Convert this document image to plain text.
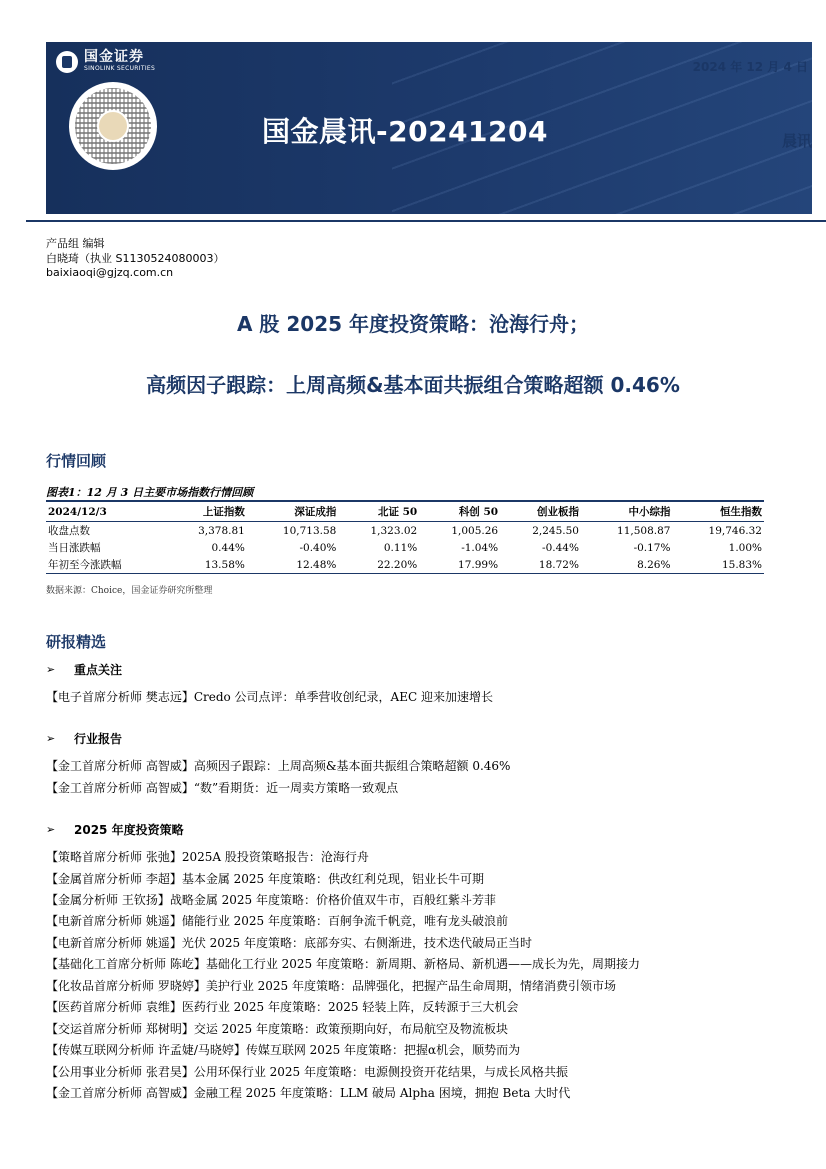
国金证券
SINOLINK SECURITIES
国金晨讯-20241204
2024 年 12 月 4 日
晨讯
产品组 编辑
白晓琦（执业 S1130524080003）
baixiaoqi@gjzq.com.cn
A 股 2025 年度投资策略：沧海行舟；
高频因子跟踪：上周高频&基本面共振组合策略超额 0.46%
行情回顾
图表1：12 月 3 日主要市场指数行情回顾
2024/12/3	上证指数	深证成指	北证 50	科创 50	创业板指	中小综指	恒生指数
收盘点数	3,378.81	10,713.58	1,323.02	1,005.26	2,245.50	11,508.87	19,746.32
当日涨跌幅	0.44%	-0.40%	0.11%	-1.04%	-0.44%	-0.17%	1.00%
年初至今涨跌幅	13.58%	12.48%	22.20%	17.99%	18.72%	8.26%	15.83%
数据来源：Choice，国金证券研究所整理
研报精选
➢	重点关注
【电子首席分析师 樊志远】Credo 公司点评：单季营收创纪录，AEC 迎来加速增长
➢	行业报告
【金工首席分析师 高智威】高频因子跟踪：上周高频&基本面共振组合策略超额 0.46%
【金工首席分析师 高智威】“数”看期货：近一周卖方策略一致观点
➢	2025 年度投资策略
【策略首席分析师 张弛】2025A 股投资策略报告：沧海行舟
【金属首席分析师 李超】基本金属 2025 年度策略：供改红利兑现，铝业长牛可期
【金属分析师 王钦扬】战略金属 2025 年度策略：价格价值双牛市，百般红紫斗芳菲
【电新首席分析师 姚遥】储能行业 2025 年度策略：百舸争流千帆竞，唯有龙头破浪前
【电新首席分析师 姚遥】光伏 2025 年度策略：底部夯实、右侧渐进，技术迭代破局正当时
【基础化工首席分析师 陈屹】基础化工行业 2025 年度策略：新周期、新格局、新机遇——成长为先，周期接力
【化妆品首席分析师 罗晓婷】美护行业 2025 年度策略：品牌强化，把握产品生命周期，情绪消费引领市场
【医药首席分析师 袁维】医药行业 2025 年度策略：2025 轻装上阵，反转源于三大机会
【交运首席分析师 郑树明】交运 2025 年度策略：政策预期向好，布局航空及物流板块
【传媒互联网分析师 许孟婕/马晓婷】传媒互联网 2025 年度策略：把握α机会，顺势而为
【公用事业分析师 张君昊】公用环保行业 2025 年度策略：电源侧投资开花结果，与成长风格共振
【金工首席分析师 高智威】金融工程 2025 年度策略：LLM 破局 Alpha 困境，拥抱 Beta 大时代
